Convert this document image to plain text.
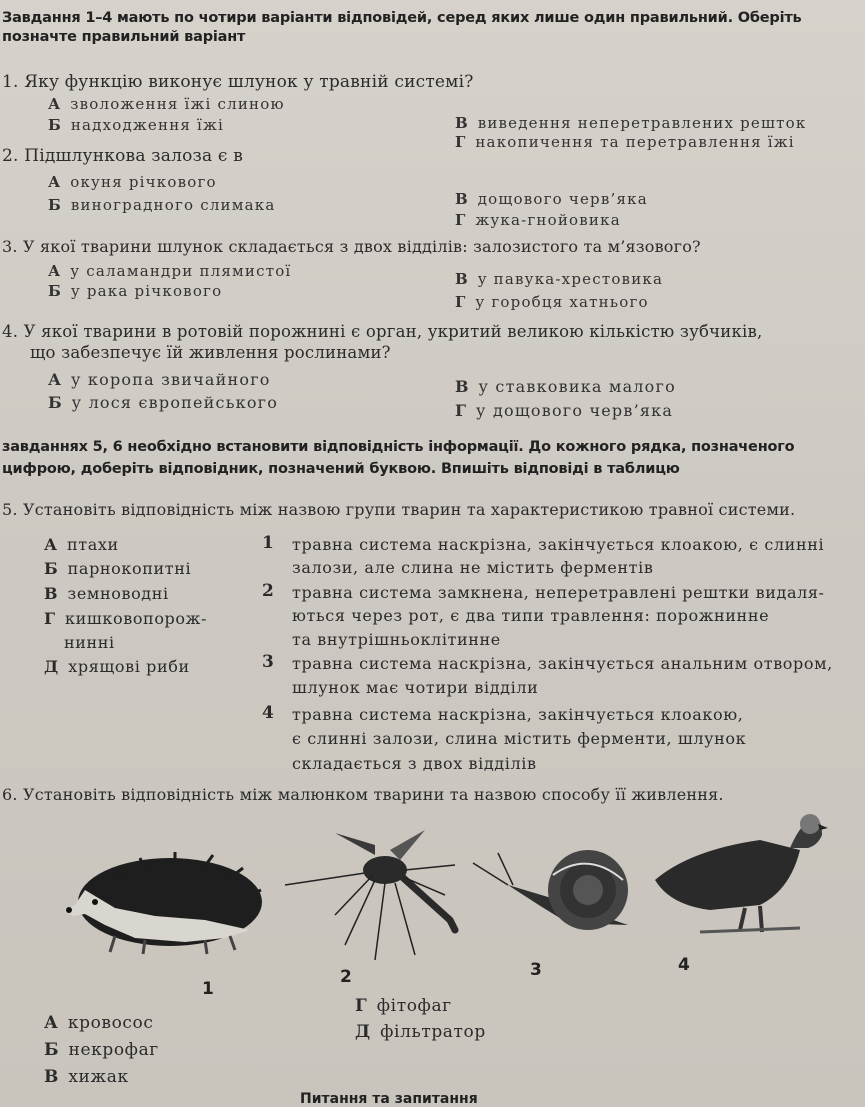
Завдання 1–4 мають по чотири варіанти відповідей, серед яких лише один правильний. Оберіть
позначте правильний варіант
1. Яку функцію виконує шлунок у травній системі?
А зволоження їжі слиною
Б надходження їжі	В виведення неперетравлених решток
Г накопичення та перетравлення їжі
2. Підшлункова залоза є в
А окуня річкового
Б виноградного слимака	В дощового черв’яка
Г жука-гнойовика
3. У якої тварини шлунок складається з двох відділів: залозистого та м’язового?
А у саламандри плямистої
Б у рака річкового
В у павука-хрестовика
Г у горобця хатнього
4. У якої тварини в ротовій порожнині є орган, укритий великою кількістю зубчиків,
що забезпечує їй живлення рослинами?
А у коропа звичайного
Б у лося європейського
В у ставковика малого
Г у дощового черв’яка
завданнях 5, 6 необхідно встановити відповідність інформації. До кожного рядка, позначеного
цифрою, доберіть відповідник, позначений буквою. Впишіть відповіді в таблицю
5. Установіть відповідність між назвою групи тварин та характеристикою травної системи.
А птахи
Б парнокопитні
В земноводні
Г кишковопорож-
нинні
Д хрящові риби
1 травна система наскрізна, закінчується клоакою, є слинні
залози, але слина не містить ферментів
2 травна система замкнена, неперетравлені рештки видаля-
ються через рот, є два типи травлення: порожнинне
та внутрішньоклітинне
3 травна система наскрізна, закінчується анальним отвором,
шлунок має чотири відділи
4 травна система наскрізна, закінчується клоакою,
є слинні залози, слина містить ферменти, шлунок
складається з двох відділів
6. Установіть відповідність між малюнком тварини та назвою способу її живлення.
1
2	3	4
А кровосос
Б некрофаг
В хижак
Г фітофаг
Д фільтратор
Питання та запитання
